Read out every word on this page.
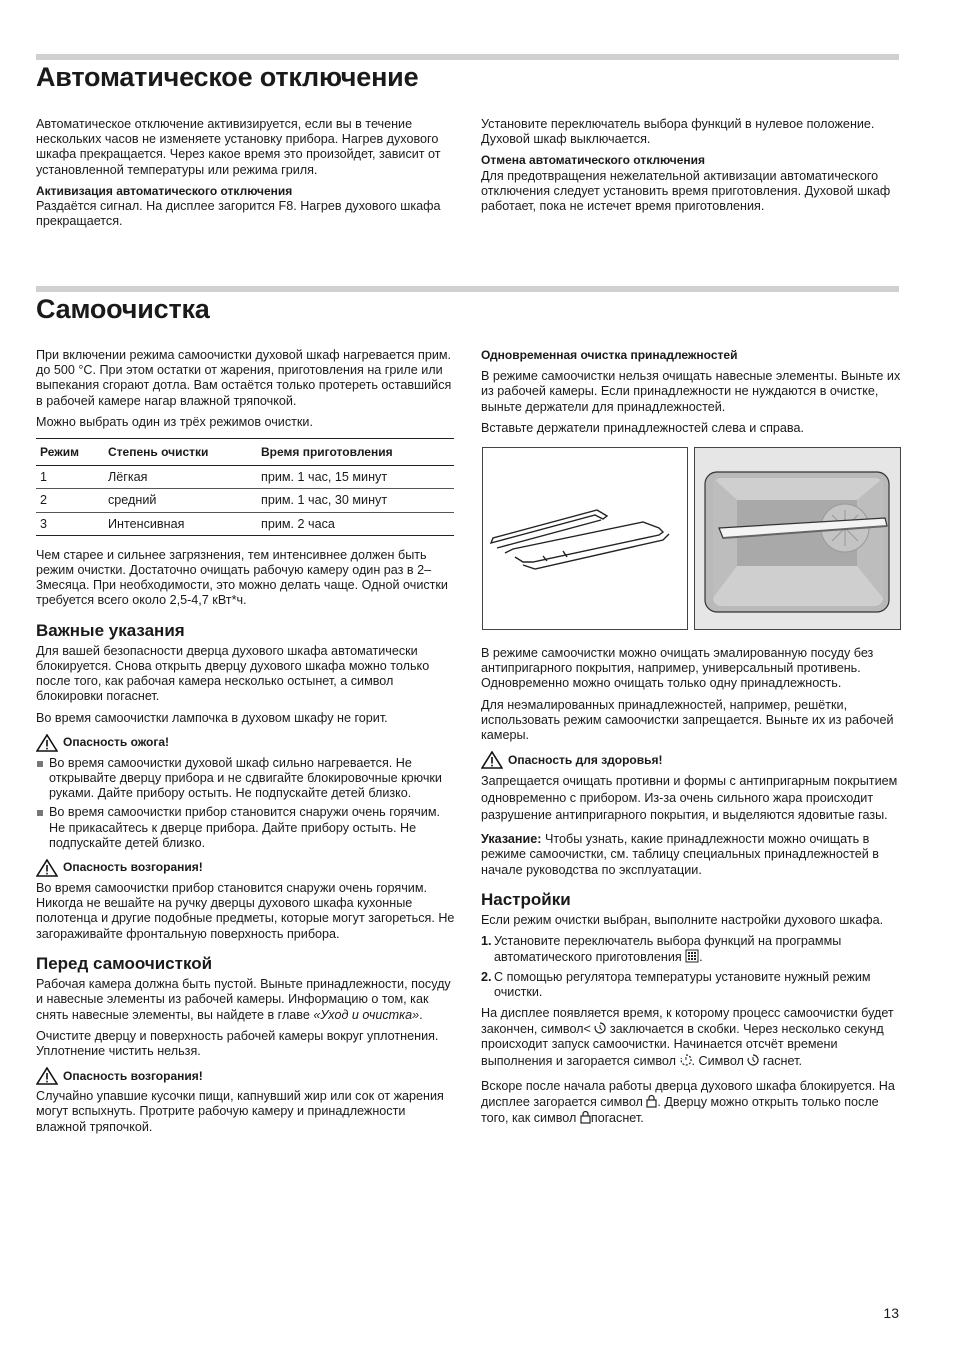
Автоматическое отключение

Автоматическое отключение активизируется, если вы в течение нескольких часов не изменяете установку прибора. Нагрев духового шкафа прекращается. Через какое время это произойдет, зависит от установленной температуры или режима гриля.

Активизация автоматического отключения

Раздаётся сигнал. На дисплее загорится F8. Нагрев духового шкафа прекращается.

Установите переключатель выбора функций в нулевое положение. Духовой шкаф выключается.

Отмена автоматического отключения

Для предотвращения нежелательной активизации автоматического отключения следует установить время приготовления. Духовой шкаф работает, пока не истечет время приготовления.

Самоочистка

При включении режима самоочистки духовой шкаф нагревается прим. до 500 °C. При этом остатки от жарения, приготовления на гриле или выпекания сгорают дотла. Вам остаётся только протереть оставшийся в рабочей камере нагар влажной тряпочкой.

Можно выбрать один из трёх режимов очистки.

Режим	Степень очистки	Время приготовления
1	Лёгкая	прим. 1 час, 15 минут
2	средний	прим. 1 час, 30 минут
3	Интенсивная	прим. 2 часа

Чем старее и сильнее загрязнения, тем интенсивнее должен быть режим очистки. Достаточно очищать рабочую камеру один раз в 2–3месяца. При необходимости, это можно делать чаще. Одной очистки требуется всего около 2,5-4,7 кВт*ч.

Важные указания

Для вашей безопасности дверца духового шкафа автоматически блокируется. Снова открыть дверцу духового шкафа можно только после того, как рабочая камера несколько остынет, а символ блокировки погаснет.

Во время самоочистки лампочка в духовом шкафу не горит.

Опасность ожога!
Во время самоочистки духовой шкаф сильно нагревается. Не открывайте дверцу прибора и не сдвигайте блокировочные крючки руками. Дайте прибору остыть. Не подпускайте детей близко.
Во время самоочистки прибор становится снаружи очень горячим. Не прикасайтесь к дверце прибора. Дайте прибору остыть. Не подпускайте детей близко.
Опасность возгорания!

Во время самоочистки прибор становится снаружи очень горячим. Никогда не вешайте на ручку дверцы духового шкафа кухонные полотенца и другие подобные предметы, которые могут загореться. Не загораживайте фронтальную поверхность прибора.

Перед самоочисткой

Рабочая камера должна быть пустой. Выньте принадлежности, посуду и навесные элементы из рабочей камеры. Информацию о том, как снять навесные элементы, вы найдете в главе «Уход и очистка».

Очистите дверцу и поверхность рабочей камеры вокруг уплотнения. Уплотнение чистить нельзя.

Опасность возгорания!

Случайно упавшие кусочки пищи, капнувший жир или сок от жарения могут вспыхнуть. Протрите рабочую камеру и принадлежности влажной тряпочкой.

Одновременная очистка принадлежностей

В режиме самоочистки нельзя очищать навесные элементы. Выньте их из рабочей камеры. Если принадлежности не нуждаются в очистке, выньте держатели для принадлежностей.

Вставьте держатели принадлежностей слева и справа.

В режиме самоочистки можно очищать эмалированную посуду без антипригарного покрытия, например, универсальный противень. Одновременно можно очищать только одну принадлежность.

Для неэмалированных принадлежностей, например, решётки, использовать режим самоочистки запрещается. Выньте их из рабочей камеры.

Опасность для здоровья!

Запрещается очищать противни и формы с антипригарным покрытием одновременно с прибором. Из-за очень сильного жара происходит разрушение антипригарного покрытия, и выделяются ядовитые газы.

Указание: Чтобы узнать, какие принадлежности можно очищать в режиме самоочистки, см. таблицу специальных принадлежностей в начале руководства по эксплуатации.

Настройки

Если режим очистки выбран, выполните настройки духового шкафа.

1. Установите переключатель выбора функций на программы автоматического приготовления .
2. С помощью регулятора температуры установите нужный режим очистки.

На дисплее появляется время, к которому процесс самоочистки будет закончен, символ<  заключается в скобки. Через несколько секунд происходит запуск самоочистки. Начинается отсчёт времени выполнения и загорается символ . Символ  гаснет.

Вскоре после начала работы дверца духового шкафа блокируется. На дисплее загорается символ . Дверцу можно открыть только после того, как символ погаснет.

13
